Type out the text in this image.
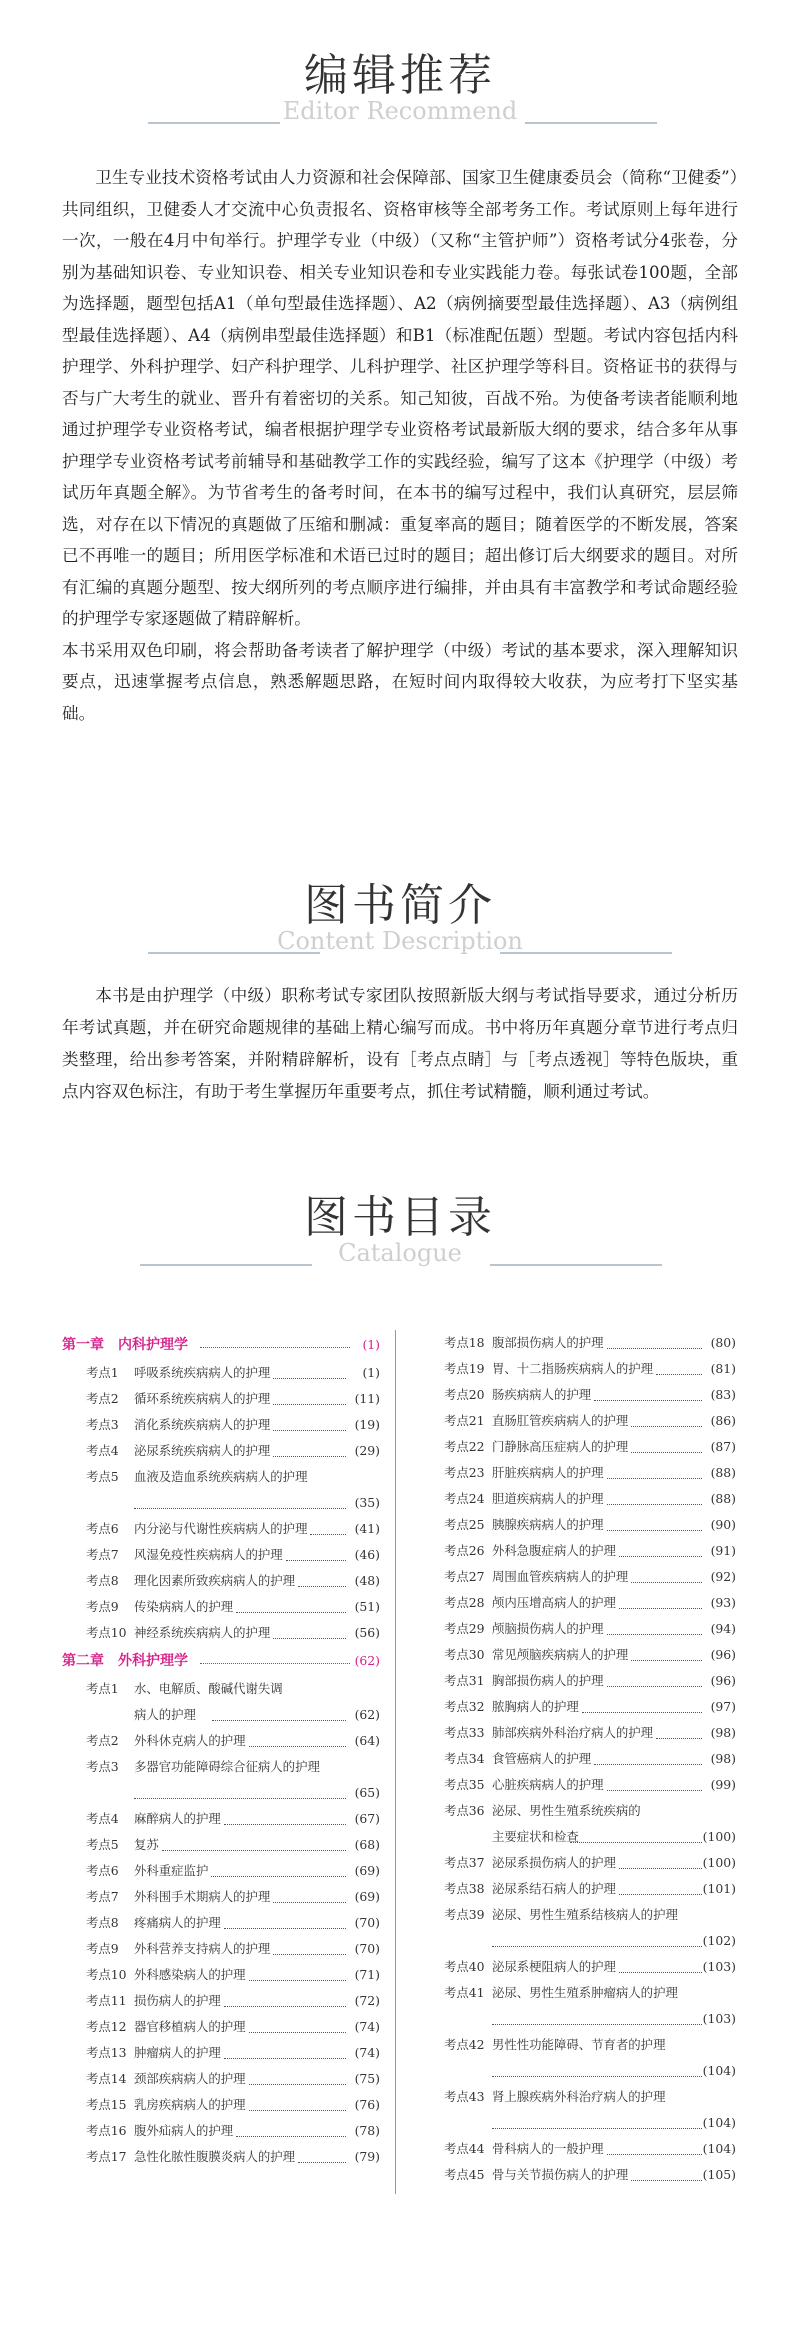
编辑推荐
Editor Recommend

卫生专业技术资格考试由人力资源和社会保障部、国家卫生健康委员会（简称“卫健委”）共同组织，卫健委人才交流中心负责报名、资格审核等全部考务工作。考试原则上每年进行一次，一般在4月中旬举行。护理学专业（中级）（又称“主管护师”）资格考试分4张卷，分别为基础知识卷、专业知识卷、相关专业知识卷和专业实践能力卷。每张试卷100题，全部为选择题，题型包括A1（单句型最佳选择题）、A2（病例摘要型最佳选择题）、A3（病例组型最佳选择题）、A4（病例串型最佳选择题）和B1（标准配伍题）型题。考试内容包括内科护理学、外科护理学、妇产科护理学、儿科护理学、社区护理学等科目。资格证书的获得与否与广大考生的就业、晋升有着密切的关系。知己知彼，百战不殆。为使备考读者能顺利地通过护理学专业资格考试，编者根据护理学专业资格考试最新版大纲的要求，结合多年从事护理学专业资格考试考前辅导和基础教学工作的实践经验，编写了这本《护理学（中级）考试历年真题全解》。为节省考生的备考时间，在本书的编写过程中，我们认真研究，层层筛选，对存在以下情况的真题做了压缩和删减：重复率高的题目；随着医学的不断发展，答案已不再唯一的题目；所用医学标准和术语已过时的题目；超出修订后大纲要求的题目。对所有汇编的真题分题型、按大纲所列的考点顺序进行编排，并由具有丰富教学和考试命题经验的护理学专家逐题做了精辟解析。

本书采用双色印刷，将会帮助备考读者了解护理学（中级）考试的基本要求，深入理解知识要点，迅速掌握考点信息，熟悉解题思路，在短时间内取得较大收获，为应考打下坚实基础。

图书简介
Content Description

本书是由护理学（中级）职称考试专家团队按照新版大纲与考试指导要求，通过分析历年考试真题，并在研究命题规律的基础上精心编写而成。书中将历年真题分章节进行考点归类整理，给出参考答案，并附精辟解析，设有［考点点睛］与［考点透视］等特色版块，重点内容双色标注，有助于考生掌握历年重要考点，抓住考试精髓，顺利通过考试。

图书目录
Catalogue
第一章　内科护理学	(1)
考点1 呼吸系统疾病病人的护理	(1)
考点2 循环系统疾病病人的护理	(11)
考点3 消化系统疾病病人的护理	(19)
考点4 泌尿系统疾病病人的护理	(29)
考点5 血液及造血系统疾病病人的护理
(35)
考点6 内分泌与代谢性疾病病人的护理	(41)
考点7 风湿免疫性疾病病人的护理	(46)
考点8 理化因素所致疾病病人的护理	(48)
考点9 传染病病人的护理	(51)
考点10 神经系统疾病病人的护理	(56)
第二章　外科护理学	(62)
考点1 水、电解质、酸碱代谢失调
病人的护理	(62)
考点2 外科休克病人的护理	(64)
考点3 多器官功能障碍综合征病人的护理
(65)
考点4 麻醉病人的护理	(67)
考点5 复苏	(68)
考点6 外科重症监护	(69)
考点7 外科围手术期病人的护理	(69)
考点8 疼痛病人的护理	(70)
考点9 外科营养支持病人的护理	(70)
考点10 外科感染病人的护理	(71)
考点11 损伤病人的护理	(72)
考点12 器官移植病人的护理	(74)
考点13 肿瘤病人的护理	(74)
考点14 颈部疾病病人的护理	(75)
考点15 乳房疾病病人的护理	(76)
考点16 腹外疝病人的护理	(78)
考点17 急性化脓性腹膜炎病人的护理	(79)
考点18 腹部损伤病人的护理	(80)
考点19 胃、十二指肠疾病病人的护理	(81)
考点20 肠疾病病人的护理	(83)
考点21 直肠肛管疾病病人的护理	(86)
考点22 门静脉高压症病人的护理	(87)
考点23 肝脏疾病病人的护理	(88)
考点24 胆道疾病病人的护理	(88)
考点25 胰腺疾病病人的护理	(90)
考点26 外科急腹症病人的护理	(91)
考点27 周围血管疾病病人的护理	(92)
考点28 颅内压增高病人的护理	(93)
考点29 颅脑损伤病人的护理	(94)
考点30 常见颅脑疾病病人的护理	(96)
考点31 胸部损伤病人的护理	(96)
考点32 脓胸病人的护理	(97)
考点33 肺部疾病外科治疗病人的护理	(98)
考点34 食管癌病人的护理	(98)
考点35 心脏疾病病人的护理	(99)
考点36 泌尿、男性生殖系统疾病的
主要症状和检查	(100)
考点37 泌尿系损伤病人的护理	(100)
考点38 泌尿系结石病人的护理	(101)
考点39 泌尿、男性生殖系结核病人的护理
(102)
考点40 泌尿系梗阻病人的护理	(103)
考点41 泌尿、男性生殖系肿瘤病人的护理
(103)
考点42 男性性功能障碍、节育者的护理
(104)
考点43 肾上腺疾病外科治疗病人的护理
(104)
考点44 骨科病人的一般护理	(104)
考点45 骨与关节损伤病人的护理	(105)
